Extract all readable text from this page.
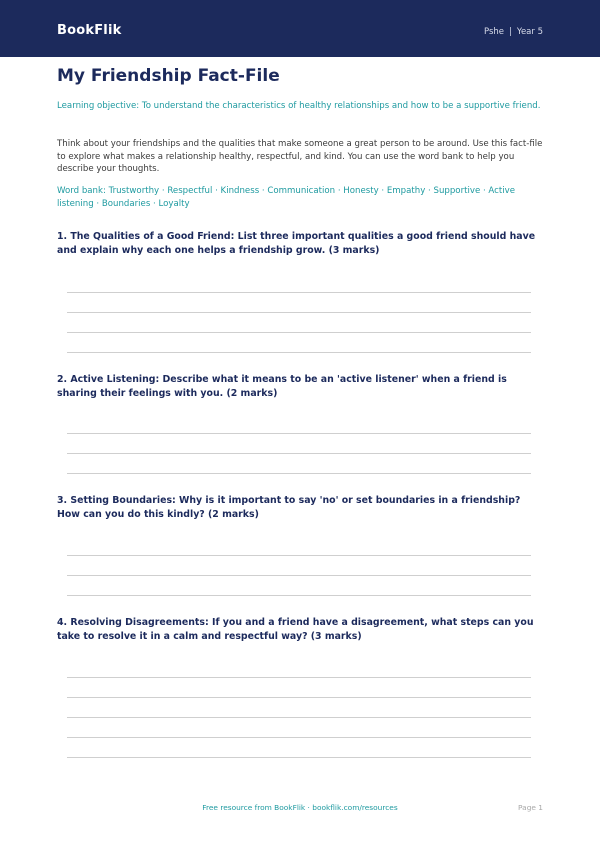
BookFlik	Pshe | Year 5
My Friendship Fact-File
Learning objective: To understand the characteristics of healthy relationships and how to be a supportive friend.
Think about your friendships and the qualities that make someone a great person to be around. Use this fact-file to explore what makes a relationship healthy, respectful, and kind. You can use the word bank to help you describe your thoughts.
Word bank: Trustworthy · Respectful · Kindness · Communication · Honesty · Empathy · Supportive · Active listening · Boundaries · Loyalty
1. The Qualities of a Good Friend: List three important qualities a good friend should have and explain why each one helps a friendship grow. (3 marks)
2. Active Listening: Describe what it means to be an 'active listener' when a friend is sharing their feelings with you. (2 marks)
3. Setting Boundaries: Why is it important to say 'no' or set boundaries in a friendship? How can you do this kindly? (2 marks)
4. Resolving Disagreements: If you and a friend have a disagreement, what steps can you take to resolve it in a calm and respectful way? (3 marks)
Free resource from BookFlik · bookflik.com/resources	Page 1
